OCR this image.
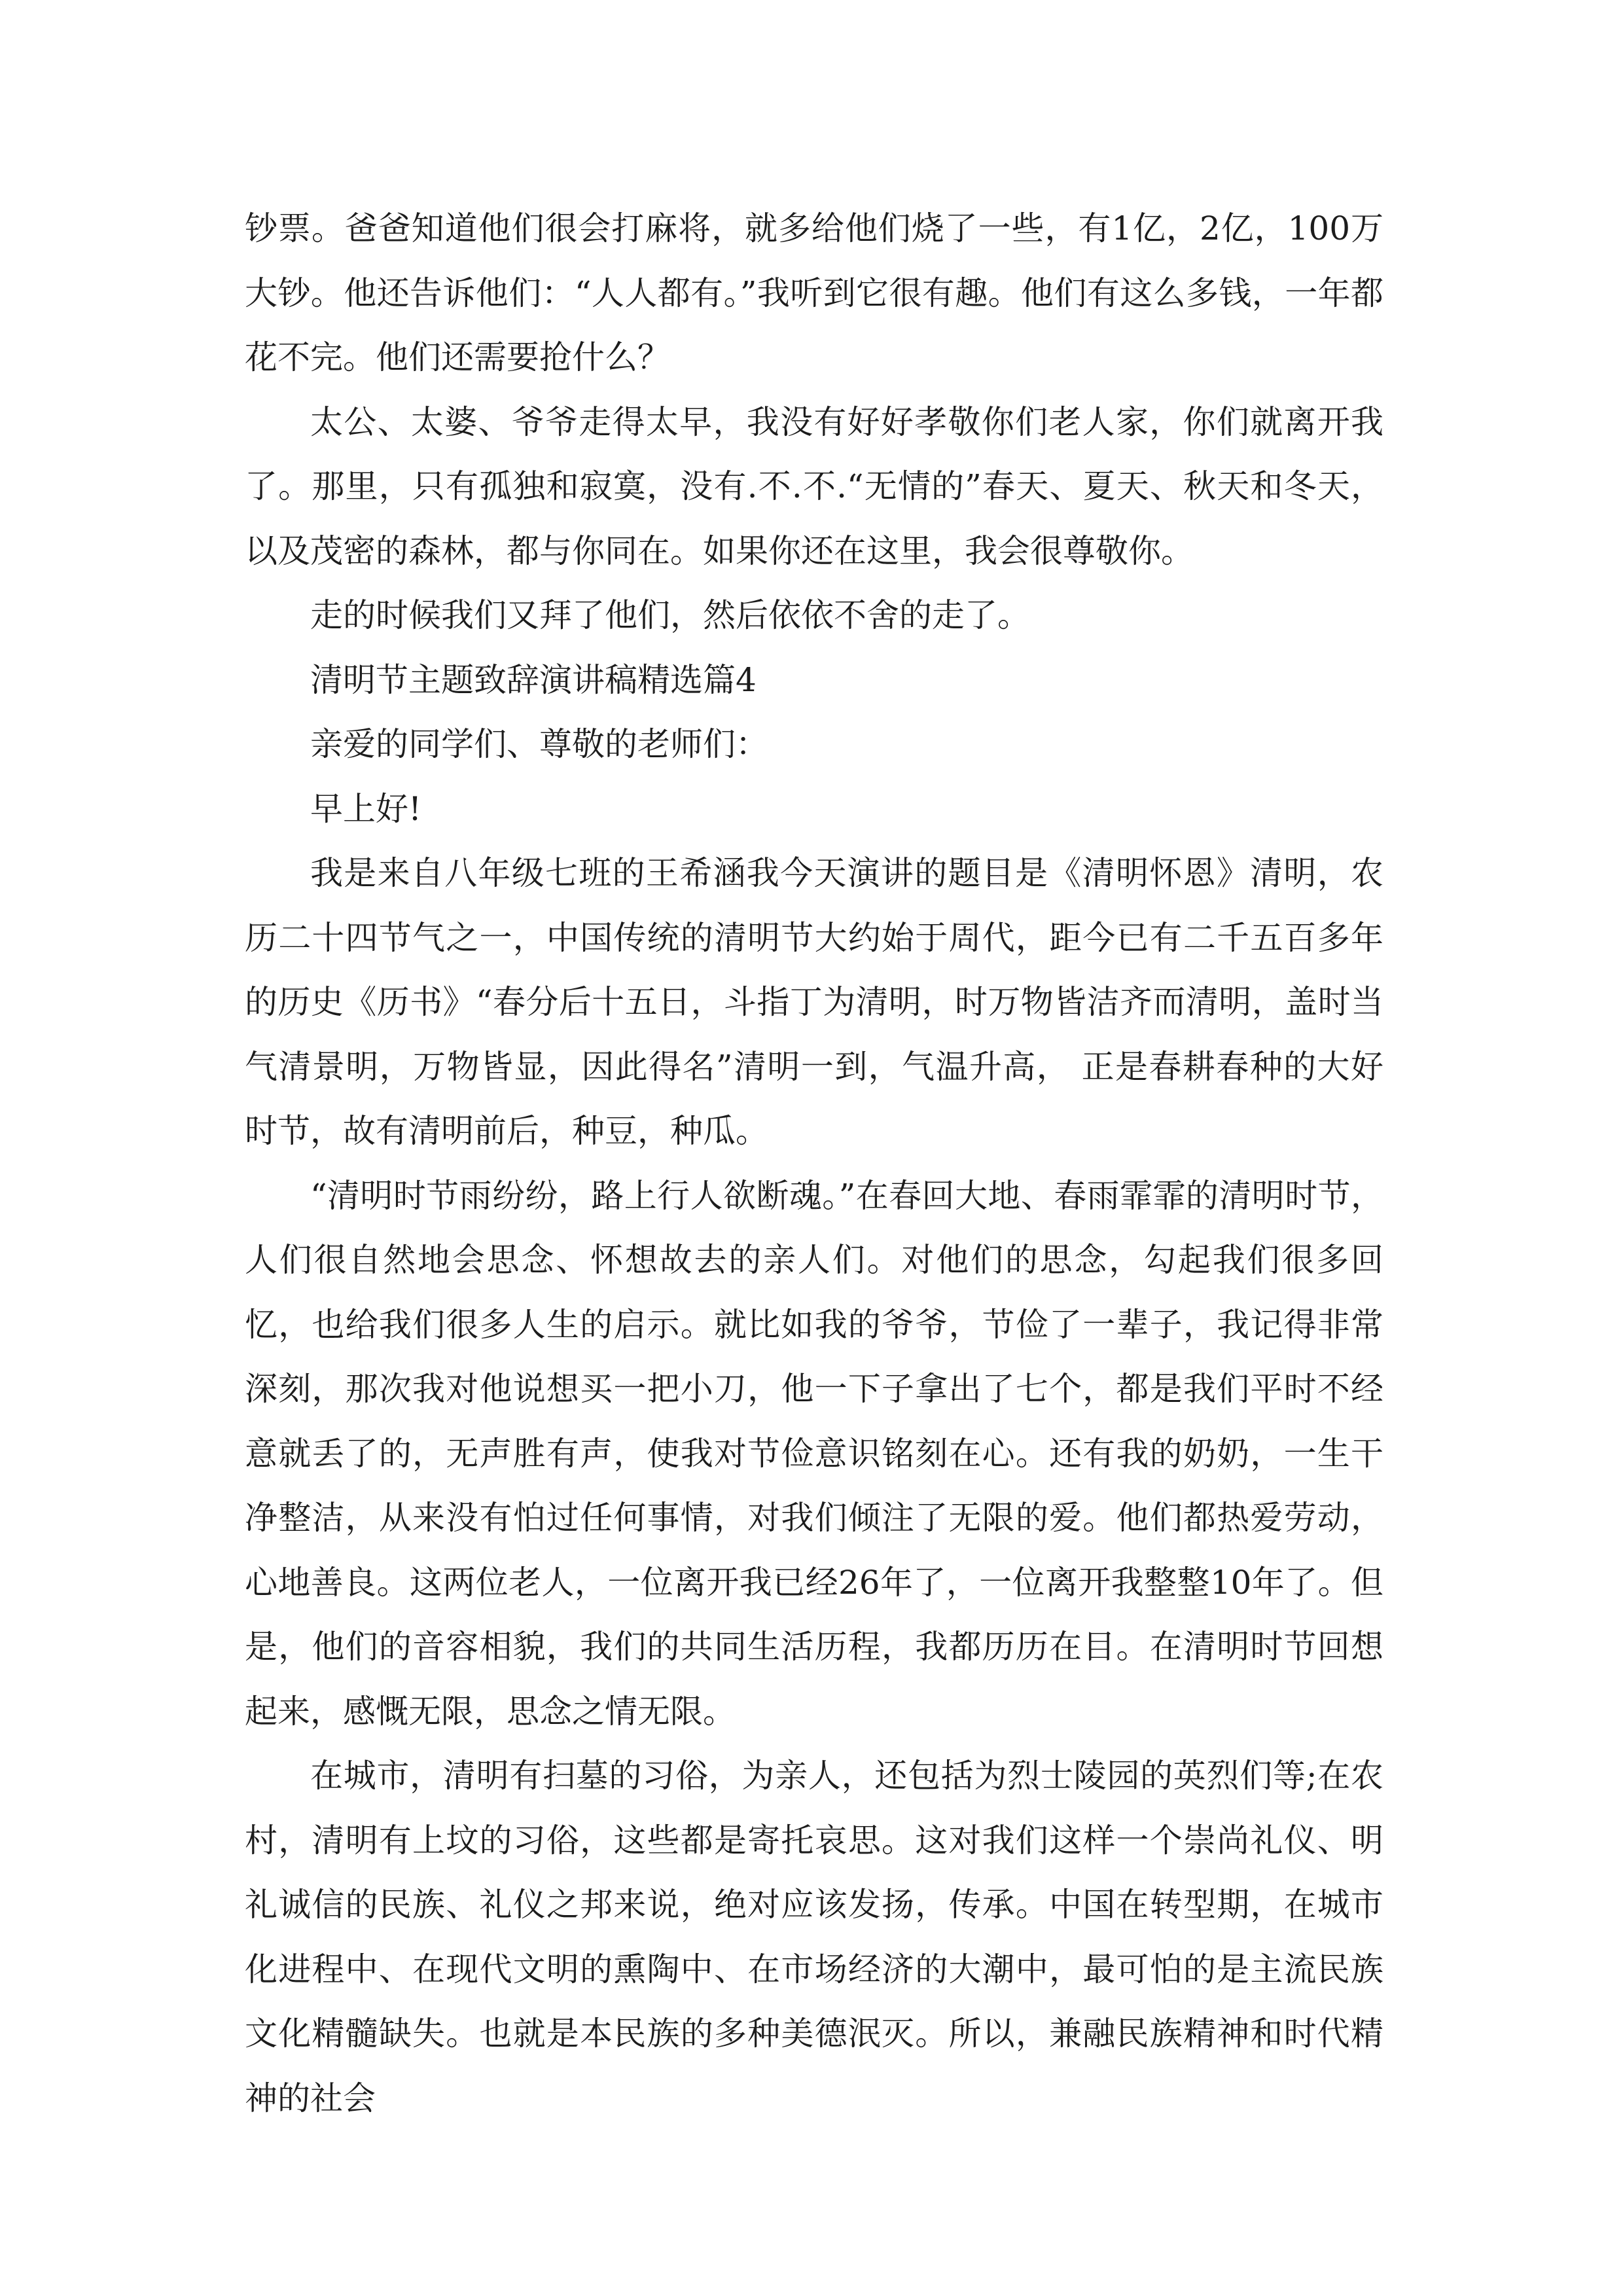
钞票。爸爸知道他们很会打麻将，就多给他们烧了一些，有1亿，2亿，100万大钞。他还告诉他们：“人人都有。”我听到它很有趣。他们有这么多钱，一年都花不完。他们还需要抢什么？

太公、太婆、爷爷走得太早，我没有好好孝敬你们老人家，你们就离开我了。那里，只有孤独和寂寞，没有.不.不.“无情的”春天、夏天、秋天和冬天，以及茂密的森林，都与你同在。如果你还在这里，我会很尊敬你。

走的时候我们又拜了他们，然后依依不舍的走了。

清明节主题致辞演讲稿精选篇4

亲爱的同学们、尊敬的老师们：

早上好!

我是来自八年级七班的王希涵我今天演讲的题目是《清明怀恩》清明，农历二十四节气之一，中国传统的清明节大约始于周代，距今已有二千五百多年的历史《历书》“春分后十五日，斗指丁为清明，时万物皆洁齐而清明，盖时当气清景明，万物皆显，因此得名”清明一到，气温升高， 正是春耕春种的大好时节，故有清明前后，种豆，种瓜。

“清明时节雨纷纷，路上行人欲断魂。”在春回大地、春雨霏霏的清明时节，人们很自然地会思念、怀想故去的亲人们。对他们的思念，勾起我们很多回忆，也给我们很多人生的启示。就比如我的爷爷，节俭了一辈子，我记得非常深刻，那次我对他说想买一把小刀，他一下子拿出了七个，都是我们平时不经意就丢了的，无声胜有声，使我对节俭意识铭刻在心。还有我的奶奶，一生干净整洁，从来没有怕过任何事情，对我们倾注了无限的爱。他们都热爱劳动，心地善良。这两位老人，一位离开我已经26年了，一位离开我整整10年了。但是，他们的音容相貌，我们的共同生活历程，我都历历在目。在清明时节回想起来，感慨无限，思念之情无限。

在城市，清明有扫墓的习俗，为亲人，还包括为烈士陵园的英烈们等;在农村，清明有上坟的习俗，这些都是寄托哀思。这对我们这样一个崇尚礼仪、明礼诚信的民族、礼仪之邦来说，绝对应该发扬，传承。中国在转型期，在城市化进程中、在现代文明的熏陶中、在市场经济的大潮中，最可怕的是主流民族文化精髓缺失。也就是本民族的多种美德泯灭。所以，兼融民族精神和时代精神的社会
